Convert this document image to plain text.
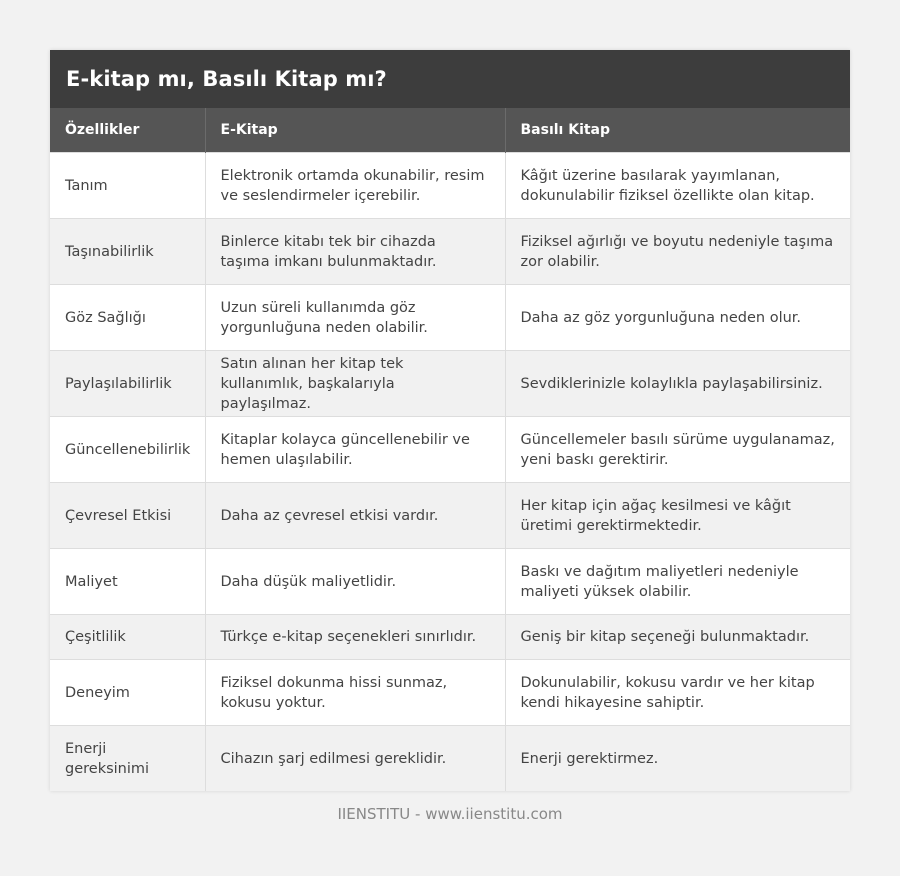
E-kitap mı, Basılı Kitap mı?
Özellikler	E-Kitap	Basılı Kitap
Tanım	Elektronik ortamda okunabilir, resim ve seslendirmeler içerebilir.	Kâğıt üzerine basılarak yayımlanan, dokunulabilir fiziksel özellikte olan kitap.
Taşınabilirlik	Binlerce kitabı tek bir cihazda taşıma imkanı bulunmaktadır.	Fiziksel ağırlığı ve boyutu nedeniyle taşıma zor olabilir.
Göz Sağlığı	Uzun süreli kullanımda göz yorgunluğuna neden olabilir.	Daha az göz yorgunluğuna neden olur.
Paylaşılabilirlik	Satın alınan her kitap tek kullanımlık, başkalarıyla paylaşılmaz.	Sevdiklerinizle kolaylıkla paylaşabilirsiniz.
Güncellenebilirlik	Kitaplar kolayca güncellenebilir ve hemen ulaşılabilir.	Güncellemeler basılı sürüme uygulanamaz, yeni baskı gerektirir.
Çevresel Etkisi	Daha az çevresel etkisi vardır.	Her kitap için ağaç kesilmesi ve kâğıt üretimi gerektirmektedir.
Maliyet	Daha düşük maliyetlidir.	Baskı ve dağıtım maliyetleri nedeniyle maliyeti yüksek olabilir.
Çeşitlilik	Türkçe e-kitap seçenekleri sınırlıdır.	Geniş bir kitap seçeneği bulunmaktadır.
Deneyim	Fiziksel dokunma hissi sunmaz, kokusu yoktur.	Dokunulabilir, kokusu vardır ve her kitap kendi hikayesine sahiptir.
Enerji gereksinimi	Cihazın şarj edilmesi gereklidir.	Enerji gerektirmez.
IIENSTITU - www.iienstitu.com
